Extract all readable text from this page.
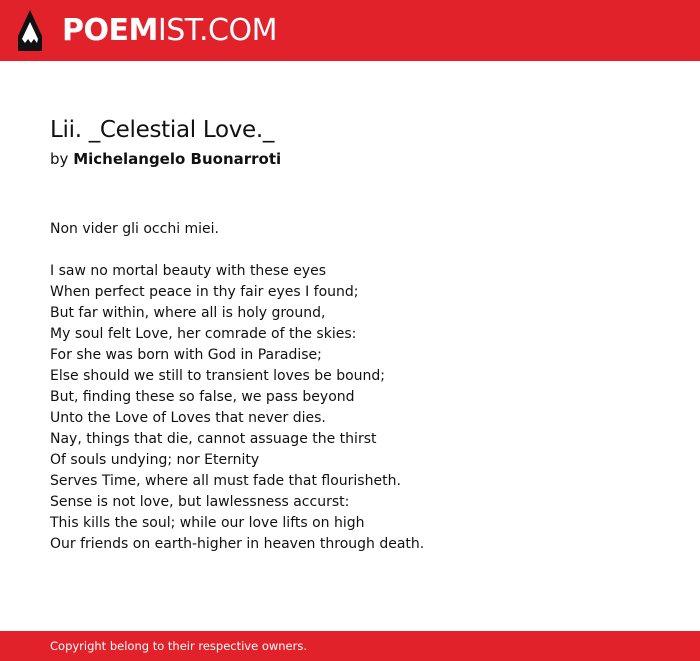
POEMIST.COM
Lii. _Celestial Love._
by Michelangelo Buonarroti
Non vider gli occhi miei.
I saw no mortal beauty with these eyes
When perfect peace in thy fair eyes I found;
But far within, where all is holy ground,
My soul felt Love, her comrade of the skies:
For she was born with God in Paradise;
Else should we still to transient loves be bound;
But, finding these so false, we pass beyond
Unto the Love of Loves that never dies.
Nay, things that die, cannot assuage the thirst
Of souls undying; nor Eternity
Serves Time, where all must fade that flourisheth.
Sense is not love, but lawlessness accurst:
This kills the soul; while our love lifts on high
Our friends on earth-higher in heaven through death.
Copyright belong to their respective owners.
